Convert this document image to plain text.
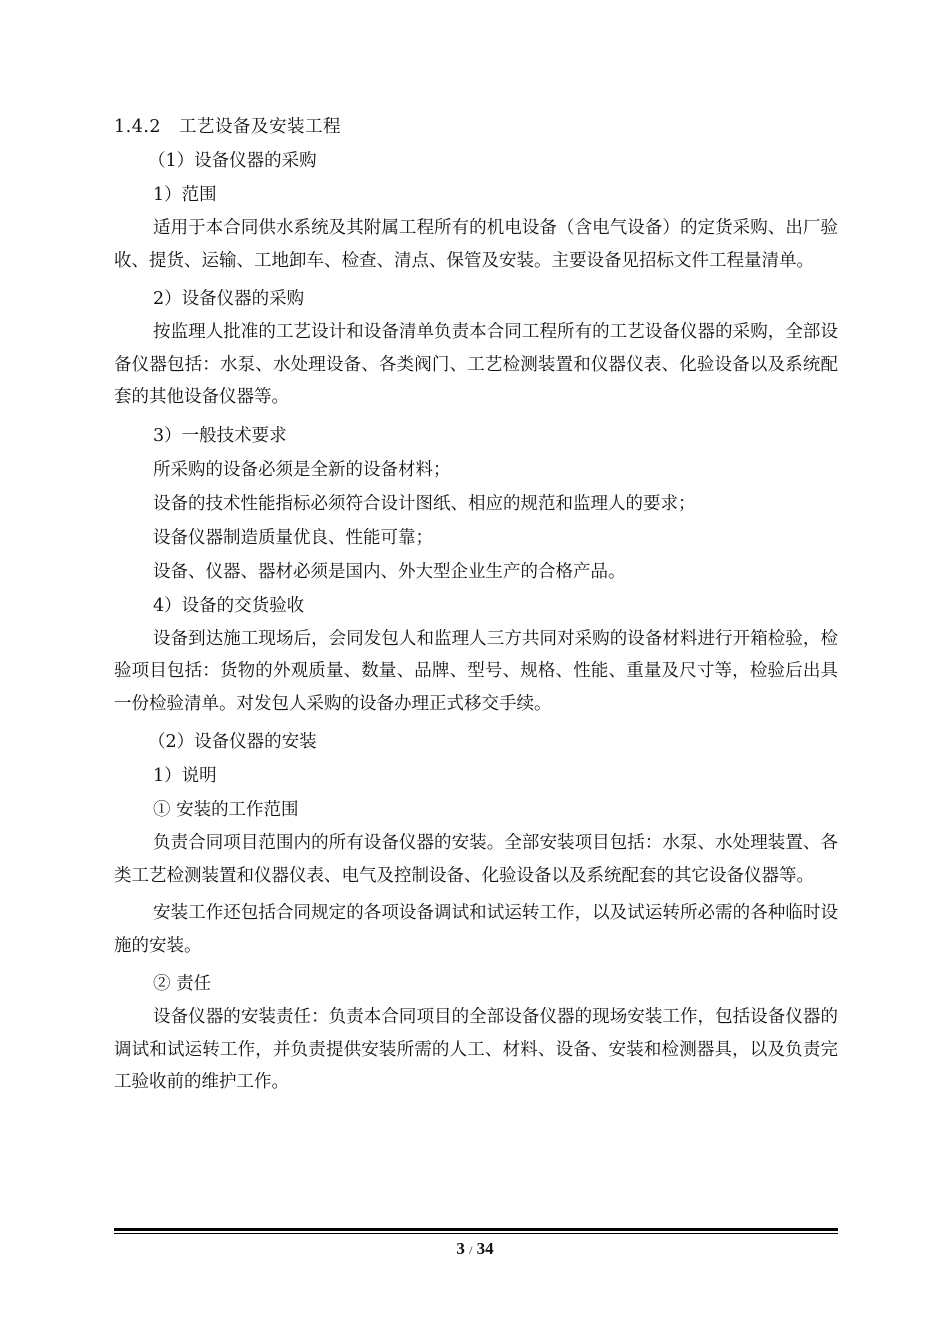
1.4.2　工艺设备及安装工程

（1）设备仪器的采购

1）范围

适用于本合同供水系统及其附属工程所有的机电设备（含电气设备）的定货采购、出厂验收、提货、运输、工地卸车、检查、清点、保管及安装。主要设备见招标文件工程量清单。

2）设备仪器的采购

按监理人批准的工艺设计和设备清单负责本合同工程所有的工艺设备仪器的采购，全部设备仪器包括：水泵、水处理设备、各类阀门、工艺检测装置和仪器仪表、化验设备以及系统配套的其他设备仪器等。

3）一般技术要求

所采购的设备必须是全新的设备材料；

设备的技术性能指标必须符合设计图纸、相应的规范和监理人的要求；

设备仪器制造质量优良、性能可靠；

设备、仪器、器材必须是国内、外大型企业生产的合格产品。

4）设备的交货验收

设备到达施工现场后，会同发包人和监理人三方共同对采购的设备材料进行开箱检验，检验项目包括：货物的外观质量、数量、品牌、型号、规格、性能、重量及尺寸等，检验后出具一份检验清单。对发包人采购的设备办理正式移交手续。

（2）设备仪器的安装

1）说明

① 安装的工作范围

负责合同项目范围内的所有设备仪器的安装。全部安装项目包括：水泵、水处理装置、各类工艺检测装置和仪器仪表、电气及控制设备、化验设备以及系统配套的其它设备仪器等。

安装工作还包括合同规定的各项设备调试和试运转工作，以及试运转所必需的各种临时设施的安装。

② 责任

设备仪器的安装责任：负责本合同项目的全部设备仪器的现场安装工作，包括设备仪器的调试和试运转工作，并负责提供安装所需的人工、材料、设备、安装和检测器具，以及负责完工验收前的维护工作。

3 / 34
